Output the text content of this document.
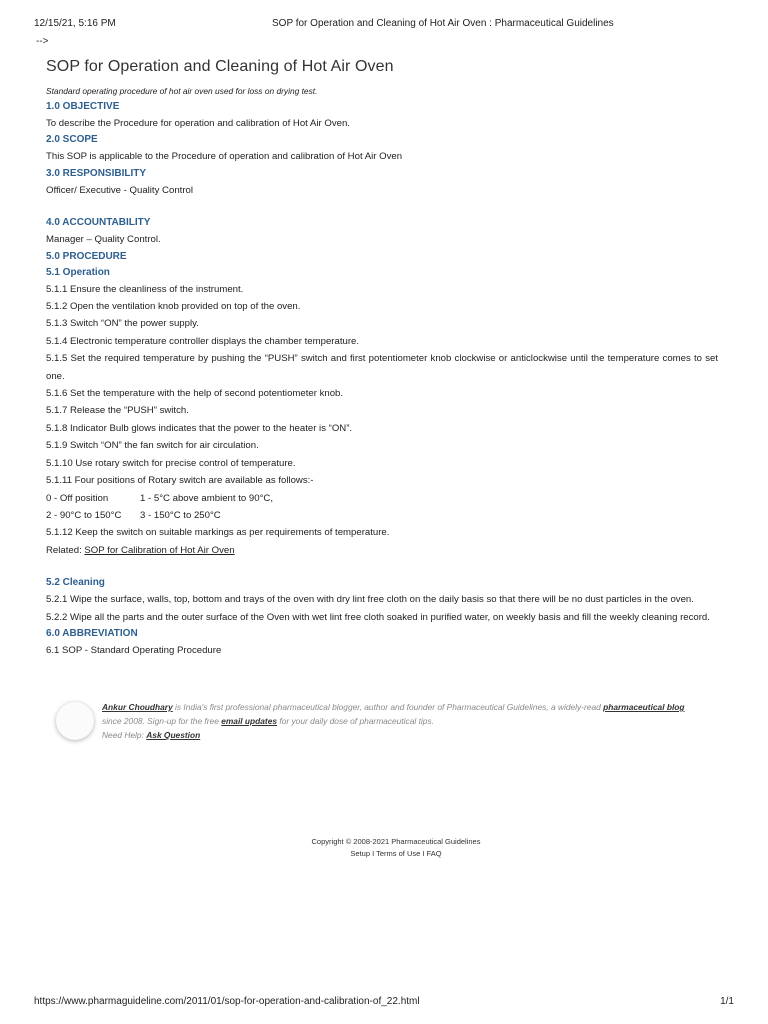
12/15/21, 5:16 PM	SOP for Operation and Cleaning of Hot Air Oven : Pharmaceutical Guidelines
-->
SOP for Operation and Cleaning of Hot Air Oven

Standard operating procedure of hot air oven used for loss on drying test.

1.0 OBJECTIVE

To describe the Procedure for operation and calibration of Hot Air Oven.

2.0 SCOPE

This SOP is applicable to the Procedure of operation and calibration of Hot Air Oven

3.0 RESPONSIBILITY

Officer/ Executive - Quality Control

4.0 ACCOUNTABILITY

Manager – Quality Control.

5.0 PROCEDURE

5.1 Operation

5.1.1 Ensure the cleanliness of the instrument.

5.1.2 Open the ventilation knob provided on top of the oven.

5.1.3 Switch “ON” the power supply.

5.1.4 Electronic temperature controller displays the chamber temperature.

5.1.5 Set the required temperature by pushing the “PUSH” switch and first potentiometer knob clockwise or anticlockwise until the temperature comes to set one.

5.1.6 Set the temperature with the help of second potentiometer knob.

5.1.7 Release the “PUSH” switch.

5.1.8 Indicator Bulb glows indicates that the power to the heater is “ON”.

5.1.9 Switch “ON” the fan switch for air circulation.

5.1.10 Use rotary switch for precise control of temperature.

5.1.11 Four positions of Rotary switch are available as follows:-

0 - Off position	1 - 5°C above ambient to 90°C,
2 - 90°C to 150°C	3 - 150°C to 250°C

5.1.12 Keep the switch on suitable markings as per requirements of temperature.

Related: SOP for Calibration of Hot Air Oven

5.2 Cleaning

5.2.1 Wipe the surface, walls, top, bottom and trays of the oven with dry lint free cloth on the daily basis so that there will be no dust particles in the oven.

5.2.2 Wipe all the parts and the outer surface of the Oven with wet lint free cloth soaked in purified water, on weekly basis and fill the weekly cleaning record.

6.0 ABBREVIATION

6.1 SOP - Standard Operating Procedure

Ankur Choudhary is India's first professional pharmaceutical blogger, author and founder of Pharmaceutical Guidelines, a widely-read pharmaceutical blog since 2008. Sign-up for the free email updates for your daily dose of pharmaceutical tips.
Need Help: Ask Question
Copyright © 2008-2021 Pharmaceutical Guidelines
Setup I Terms of Use I FAQ
https://www.pharmaguideline.com/2011/01/sop-for-operation-and-calibration-of_22.html	1/1
